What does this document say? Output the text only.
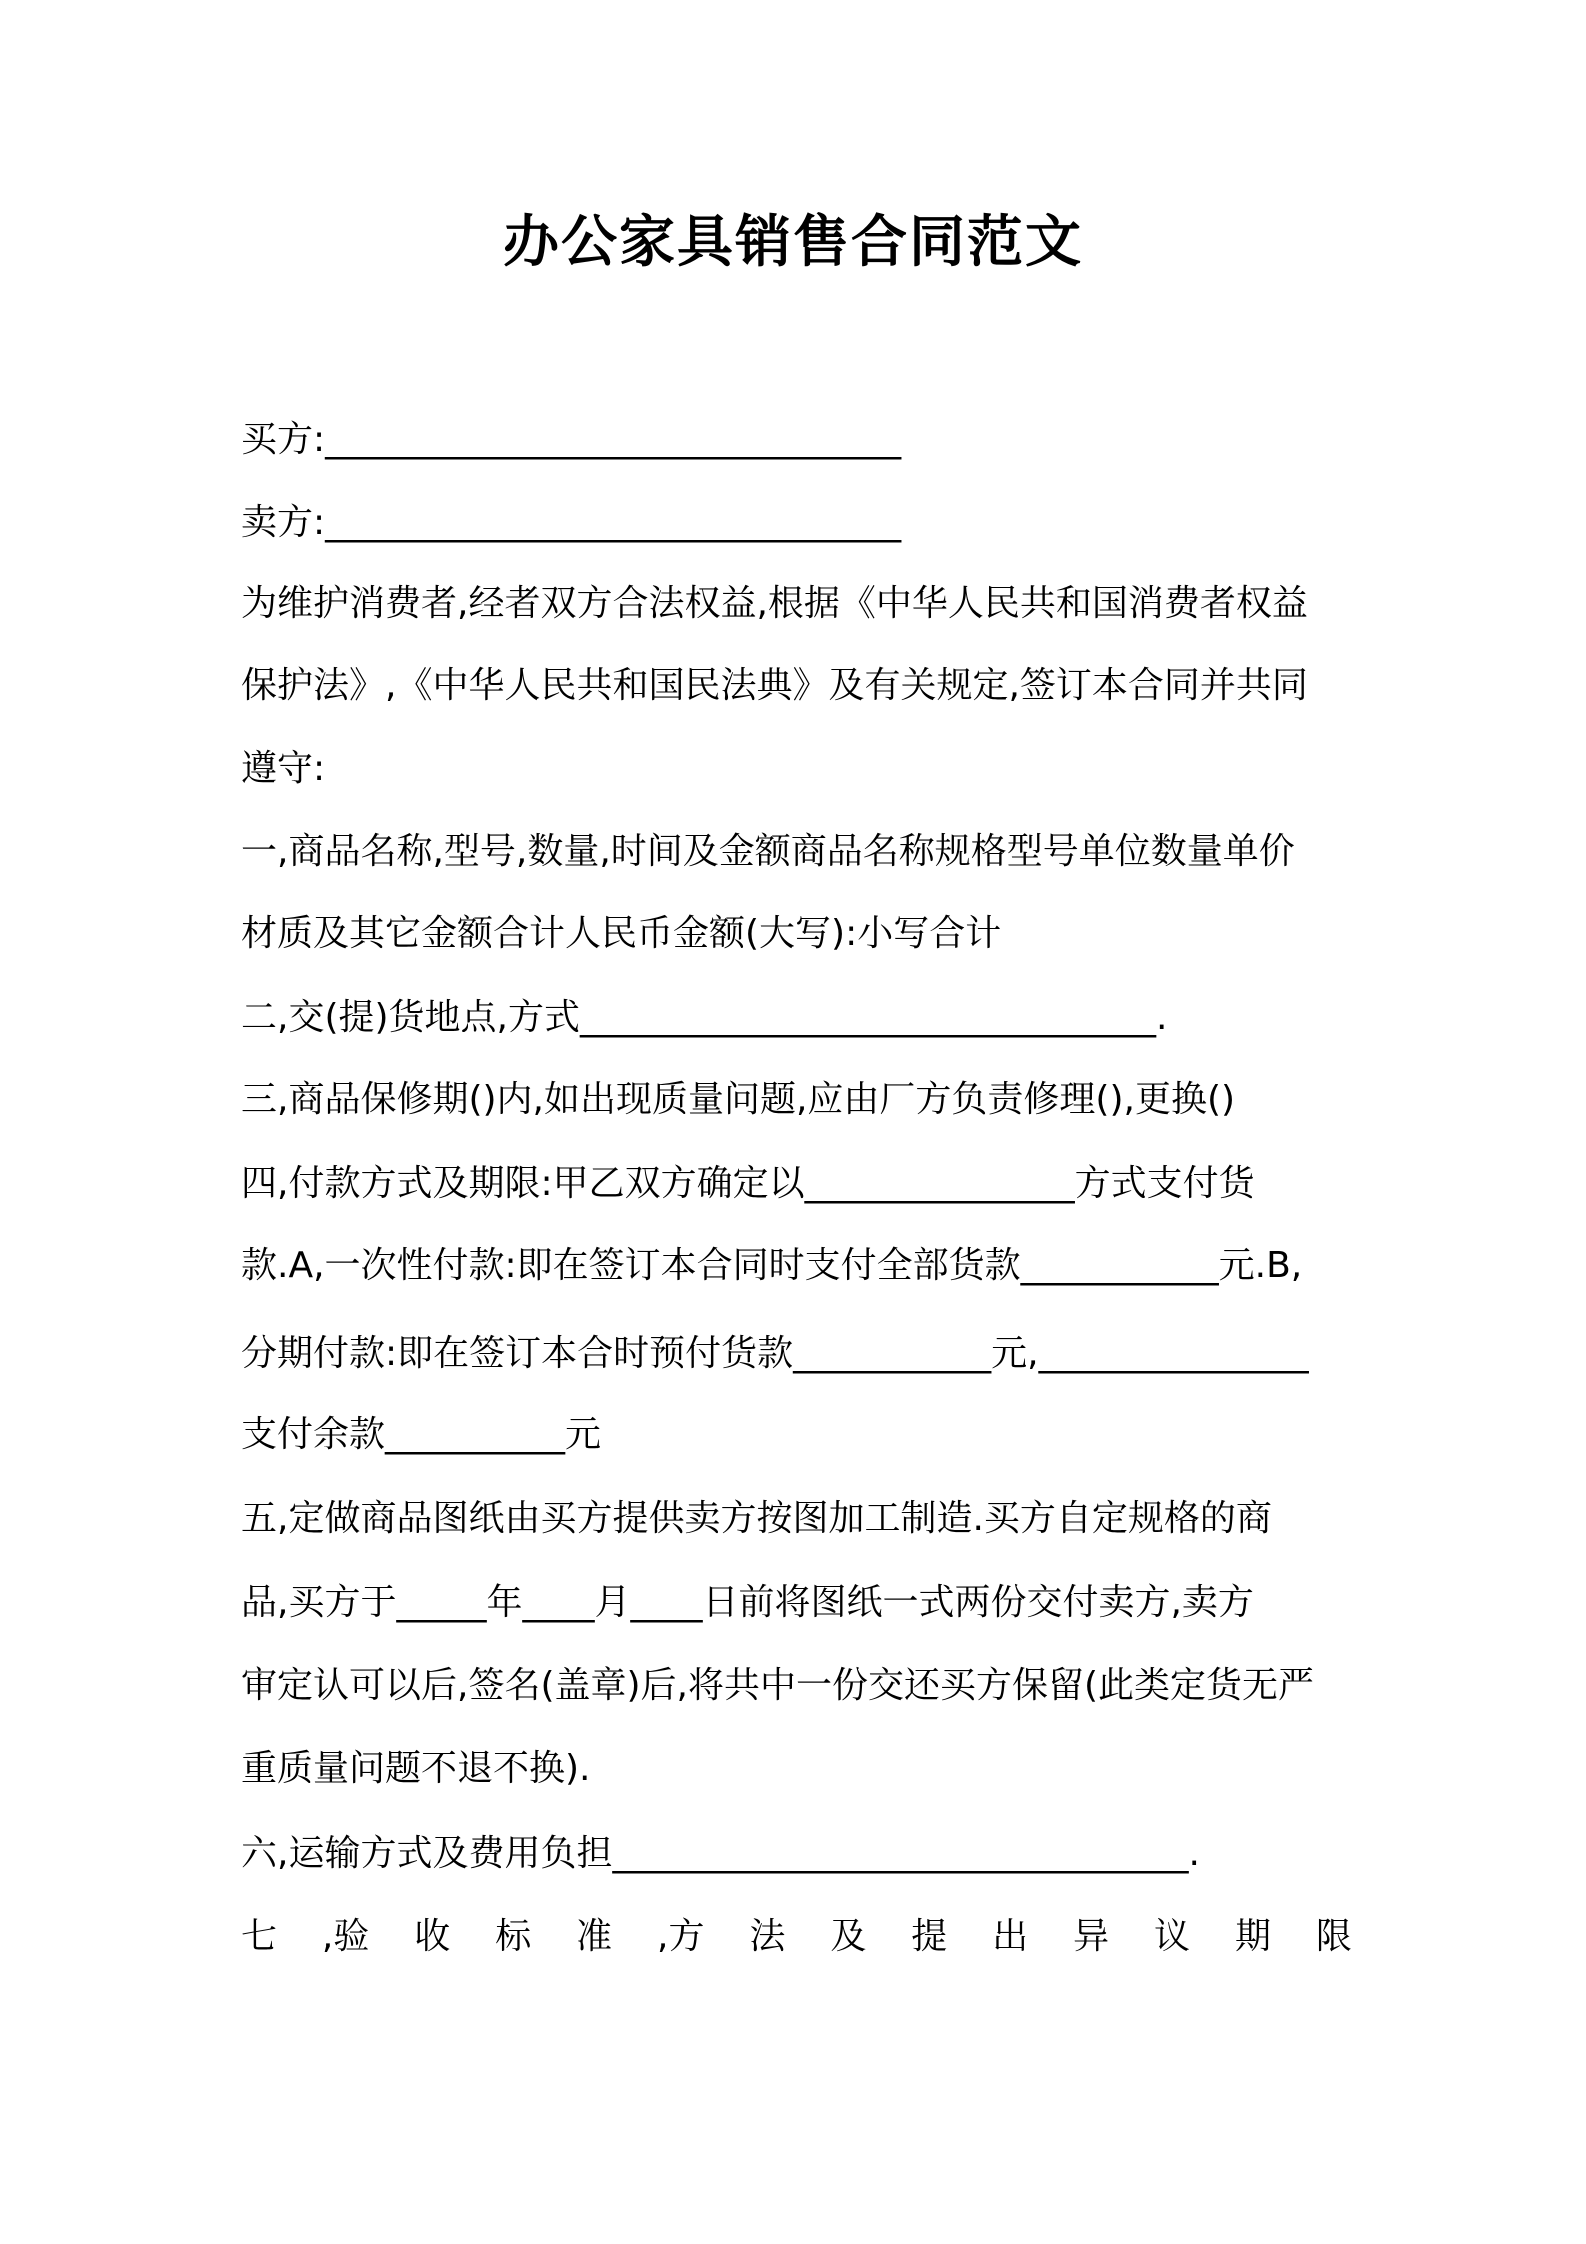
办公家具销售合同范文
买方:________________________________
卖方:________________________________
为维护消费者,经者双方合法权益,根据《中华人民共和国消费者权益
保护法》,《中华人民共和国民法典》及有关规定,签订本合同并共同
遵守:
一,商品名称,型号,数量,时间及金额商品名称规格型号单位数量单价
材质及其它金额合计人民币金额(大写):小写合计
二,交(提)货地点,方式________________________________.
三,商品保修期()内,如出现质量问题,应由厂方负责修理(),更换()
四,付款方式及期限:甲乙双方确定以_______________方式支付货
款.A,一次性付款:即在签订本合同时支付全部货款___________元.B,
分期付款:即在签订本合时预付货款___________元,_______________
支付余款__________元
五,定做商品图纸由买方提供卖方按图加工制造.买方自定规格的商
品,买方于_____年____月____日前将图纸一式两份交付卖方,卖方
审定认可以后,签名(盖章)后,将共中一份交还买方保留(此类定货无严
重质量问题不退不换).
六,运输方式及费用负担________________________________.
七 ,验 收 标 准 ,方 法 及 提 出 异 议 期 限
